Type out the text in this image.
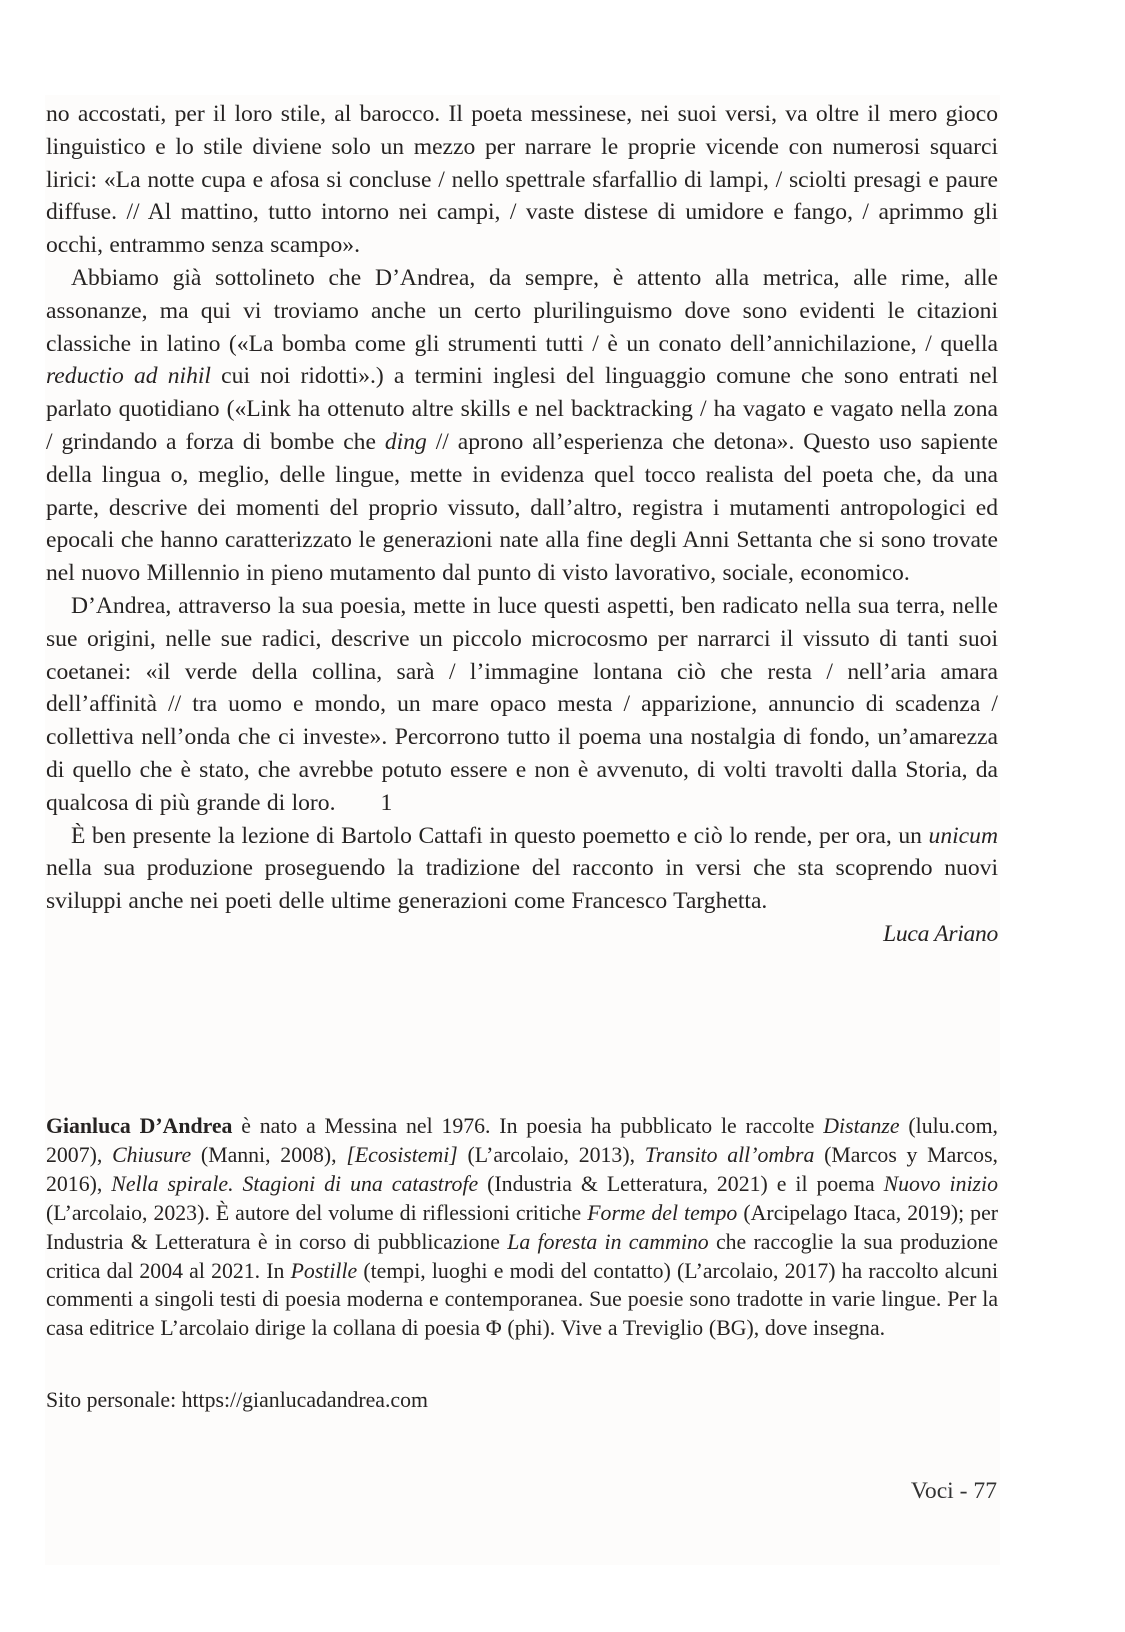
no accostati, per il loro stile, al barocco. Il poeta messinese, nei suoi versi, va oltre il mero gioco linguistico e lo stile diviene solo un mezzo per narrare le proprie vicende con numerosi squarci lirici: «La notte cupa e afosa si concluse / nello spettrale sfarfallio di lampi, / sciolti presagi e paure diffuse. // Al mattino, tutto intorno nei campi, / vaste distese di umidore e fango, / aprimmo gli occhi, entrammo senza scampo».

Abbiamo già sottolineto che D’Andrea, da sempre, è attento alla metrica, alle rime, alle assonanze, ma qui vi troviamo anche un certo plurilinguismo dove sono evidenti le citazioni classiche in latino («La bomba come gli strumenti tutti / è un conato dell’annichilazione, / quella reductio ad nihil cui noi ridotti».) a termini inglesi del linguaggio comune che sono entrati nel parlato quotidiano («Link ha ottenuto altre skills e nel backtracking / ha vagato e vagato nella zona / grindando a forza di bombe che ding // aprono all’esperienza che detona». Questo uso sapiente della lingua o, meglio, delle lingue, mette in evidenza quel tocco realista del poeta che, da una parte, descrive dei momenti del proprio vissuto, dall’altro, registra i mutamenti antropologici ed epocali che hanno caratterizzato le generazioni nate alla fine degli Anni Settanta che si sono trovate nel nuovo Millennio in pieno mutamento dal punto di visto lavorativo, sociale, economico.

D’Andrea, attraverso la sua poesia, mette in luce questi aspetti, ben radicato nella sua terra, nelle sue origini, nelle sue radici, descrive un piccolo microcosmo per narrarci il vissuto di tanti suoi coetanei: «il verde della collina, sarà / l’immagine lontana ciò che resta / nell’aria amara dell’affinità // tra uomo e mondo, un mare opaco mesta / apparizione, annuncio di scadenza / collettiva nell’onda che ci investe». Percorrono tutto il poema una nostalgia di fondo, un’amarezza di quello che è stato, che avrebbe potuto essere e non è avvenuto, di volti travolti dalla Storia, da qualcosa di più grande di loro. 1

È ben presente la lezione di Bartolo Cattafi in questo poemetto e ciò lo rende, per ora, un unicum nella sua produzione proseguendo la tradizione del racconto in versi che sta scoprendo nuovi sviluppi anche nei poeti delle ultime generazioni come Francesco Targhetta.

Luca Ariano

Gianluca D’Andrea è nato a Messina nel 1976. In poesia ha pubblicato le raccolte Distanze (lulu.com, 2007), Chiusure (Manni, 2008), [Ecosistemi] (L’arcolaio, 2013), Transito all’ombra (Marcos y Marcos, 2016), Nella spirale. Stagioni di una catastrofe (Industria & Letteratura, 2021) e il poema Nuovo inizio (L’arcolaio, 2023). È autore del volume di riflessioni critiche Forme del tempo (Arcipelago Itaca, 2019); per Industria & Letteratura è in corso di pubblicazione La foresta in cammino che raccoglie la sua produzione critica dal 2004 al 2021. In Postille (tempi, luoghi e modi del contatto) (L’arcolaio, 2017) ha raccolto alcuni commenti a singoli testi di poesia moderna e contemporanea. Sue poesie sono tradotte in varie lingue. Per la casa editrice L’arcolaio dirige la collana di poesia Φ (phi). Vive a Treviglio (BG), dove insegna.

Sito personale: https://gianlucadandrea.com

Voci - 77
